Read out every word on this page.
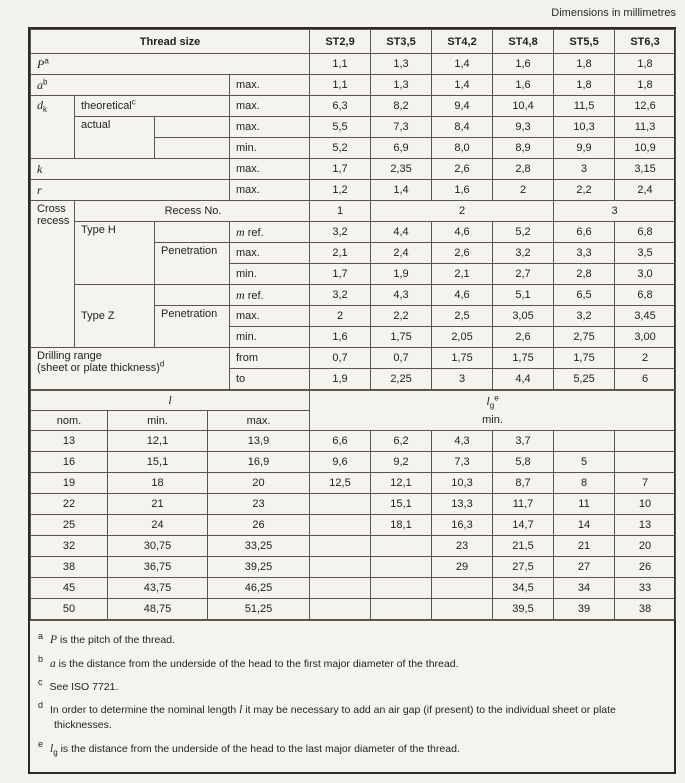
Dimensions in millimetres
Thread size				ST2,9	ST3,5	ST4,2	ST4,8	ST5,5	ST6,3
$P^a$				1,1	1,3	1,4	1,6	1,8	1,8
$a^b$			max.	1,1	1,3	1,4	1,6	1,8	1,8
$d_k$	theoretical$^c$		max.	6,3	8,2	9,4	10,4	11,5	12,6
	actual		max.	5,5	7,3	8,4	9,3	10,3	11,3
			min.	5,2	6,9	8,0	8,9	9,9	10,9
k			max.	1,7	2,35	2,6	2,8	3	3,15
r			max.	1,2	1,4	1,6	2	2,2	2,4

Cross
recess	Recess No.			1	2			3	
	Type H		m ref.	3,2	4,4	4,6	5,2	6,6	6,8
		Penetration	max.	2,1	2,4	2,6	3,2	3,3	3,5
			min.	1,7	1,9	2,1	2,7	2,8	3,0
	Type Z		m ref.	3,2	4,3	4,6	5,1	6,5	6,8
		Penetration	max.	2	2,2	2,5	3,05	3,2	3,45
			min.	1,6	1,75	2,05	2,6	2,75	3,00

Drilling range
(sheet or plate thickness)$^d$			from	0,7	0,7	1,75	1,75	1,75	2
			to	1,9	2,25	3	4,4	5,25	6
l			$l_g^e$
min.					

nom.	min.	max.						
13	12,1	13,9	6,6	6,2	4,3	3,7		
16	15,1	16,9	9,6	9,2	7,3	5,8	5	
19	18	20	12,5	12,1	10,3	8,7	8	7
22	21	23		15,1	13,3	11,7	11	10
25	24	26		18,1	16,3	14,7	14	13
32	30,75	33,25			23	21,5	21	20
38	36,75	39,25			29	27,5	27	26
45	43,75	46,25				34,5	34	33
50	48,75	51,25				39,5	39	38
$^a$ P is the pitch of the thread.
$^b$ a is the distance from the underside of the head to the first major diameter of the thread.
$^c$ See ISO 7721.
$^d$ In order to determine the nominal length l it may be necessary to add an air gap (if present) to the individual sheet or plate thicknesses.
$^e$ $l_g$ is the distance from the underside of the head to the last major diameter of the thread.
